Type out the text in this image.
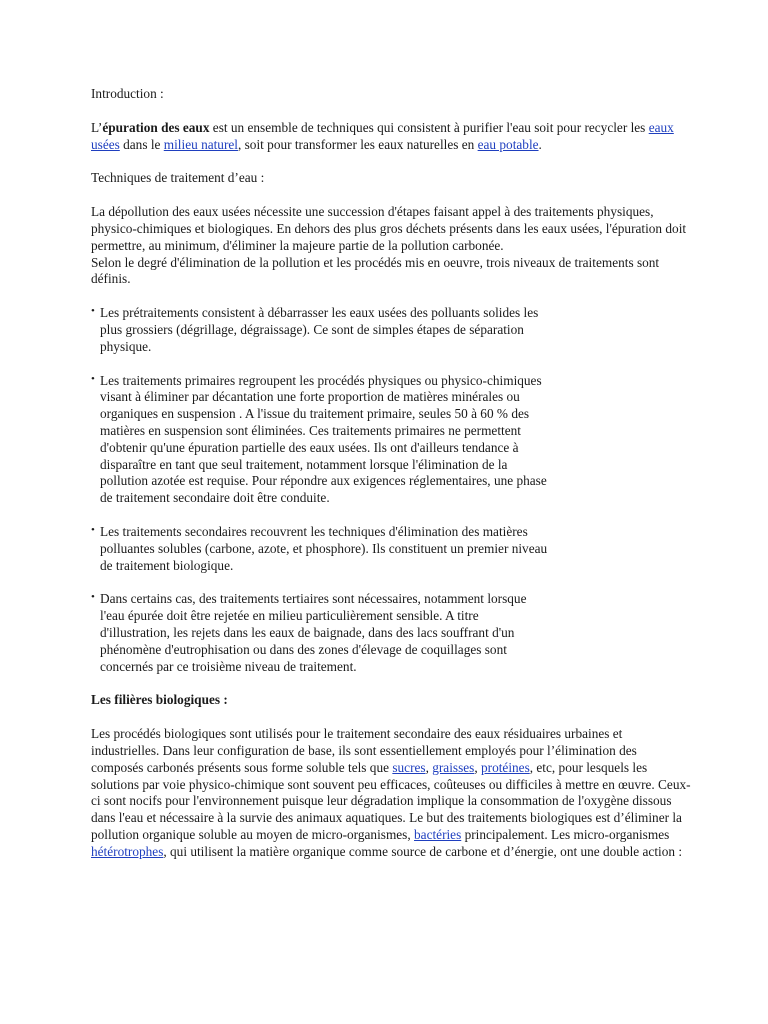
Introduction :

L’épuration des eaux est un ensemble de techniques qui consistent à purifier l'eau soit pour recycler les eaux usées dans le milieu naturel, soit pour transformer les eaux naturelles en eau potable.

Techniques de traitement d’eau :

La dépollution des eaux usées nécessite une succession d'étapes faisant appel à des traitements physiques, physico-chimiques et biologiques. En dehors des plus gros déchets présents dans les eaux usées, l'épuration doit permettre, au minimum, d'éliminer la majeure partie de la pollution carbonée.
Selon le degré d'élimination de la pollution et les procédés mis en oeuvre, trois niveaux de traitements sont définis.

• Les prétraitements consistent à débarrasser les eaux usées des polluants solides les plus grossiers (dégrillage, dégraissage). Ce sont de simples étapes de séparation physique.
• Les traitements primaires regroupent les procédés physiques ou physico-chimiques visant à éliminer par décantation une forte proportion de matières minérales ou organiques en suspension . A l'issue du traitement primaire, seules 50 à 60 % des matières en suspension sont éliminées. Ces traitements primaires ne permettent d'obtenir qu'une épuration partielle des eaux usées. Ils ont d'ailleurs tendance à disparaître en tant que seul traitement, notamment lorsque l'élimination de la pollution azotée est requise. Pour répondre aux exigences réglementaires, une phase de traitement secondaire doit être conduite.
• Les traitements secondaires recouvrent les techniques d'élimination des matières polluantes solubles (carbone, azote, et phosphore). Ils constituent un premier niveau de traitement biologique.
• Dans certains cas, des traitements tertiaires sont nécessaires, notamment lorsque l'eau épurée doit être rejetée en milieu particulièrement sensible. A titre d'illustration, les rejets dans les eaux de baignade, dans des lacs souffrant d'un phénomène d'eutrophisation ou dans des zones d'élevage de coquillages sont concernés par ce troisième niveau de traitement.
Les filières biologiques :

Les procédés biologiques sont utilisés pour le traitement secondaire des eaux résiduaires urbaines et industrielles. Dans leur configuration de base, ils sont essentiellement employés pour l’élimination des composés carbonés présents sous forme soluble tels que sucres, graisses, protéines, etc, pour lesquels les solutions par voie physico-chimique sont souvent peu efficaces, coûteuses ou difficiles à mettre en œuvre. Ceux-ci sont nocifs pour l'environnement puisque leur dégradation implique la consommation de l'oxygène dissous dans l'eau et nécessaire à la survie des animaux aquatiques. Le but des traitements biologiques est d’éliminer la pollution organique soluble au moyen de micro-organismes, bactéries principalement. Les micro-organismes hétérotrophes, qui utilisent la matière organique comme source de carbone et d’énergie, ont une double action :
